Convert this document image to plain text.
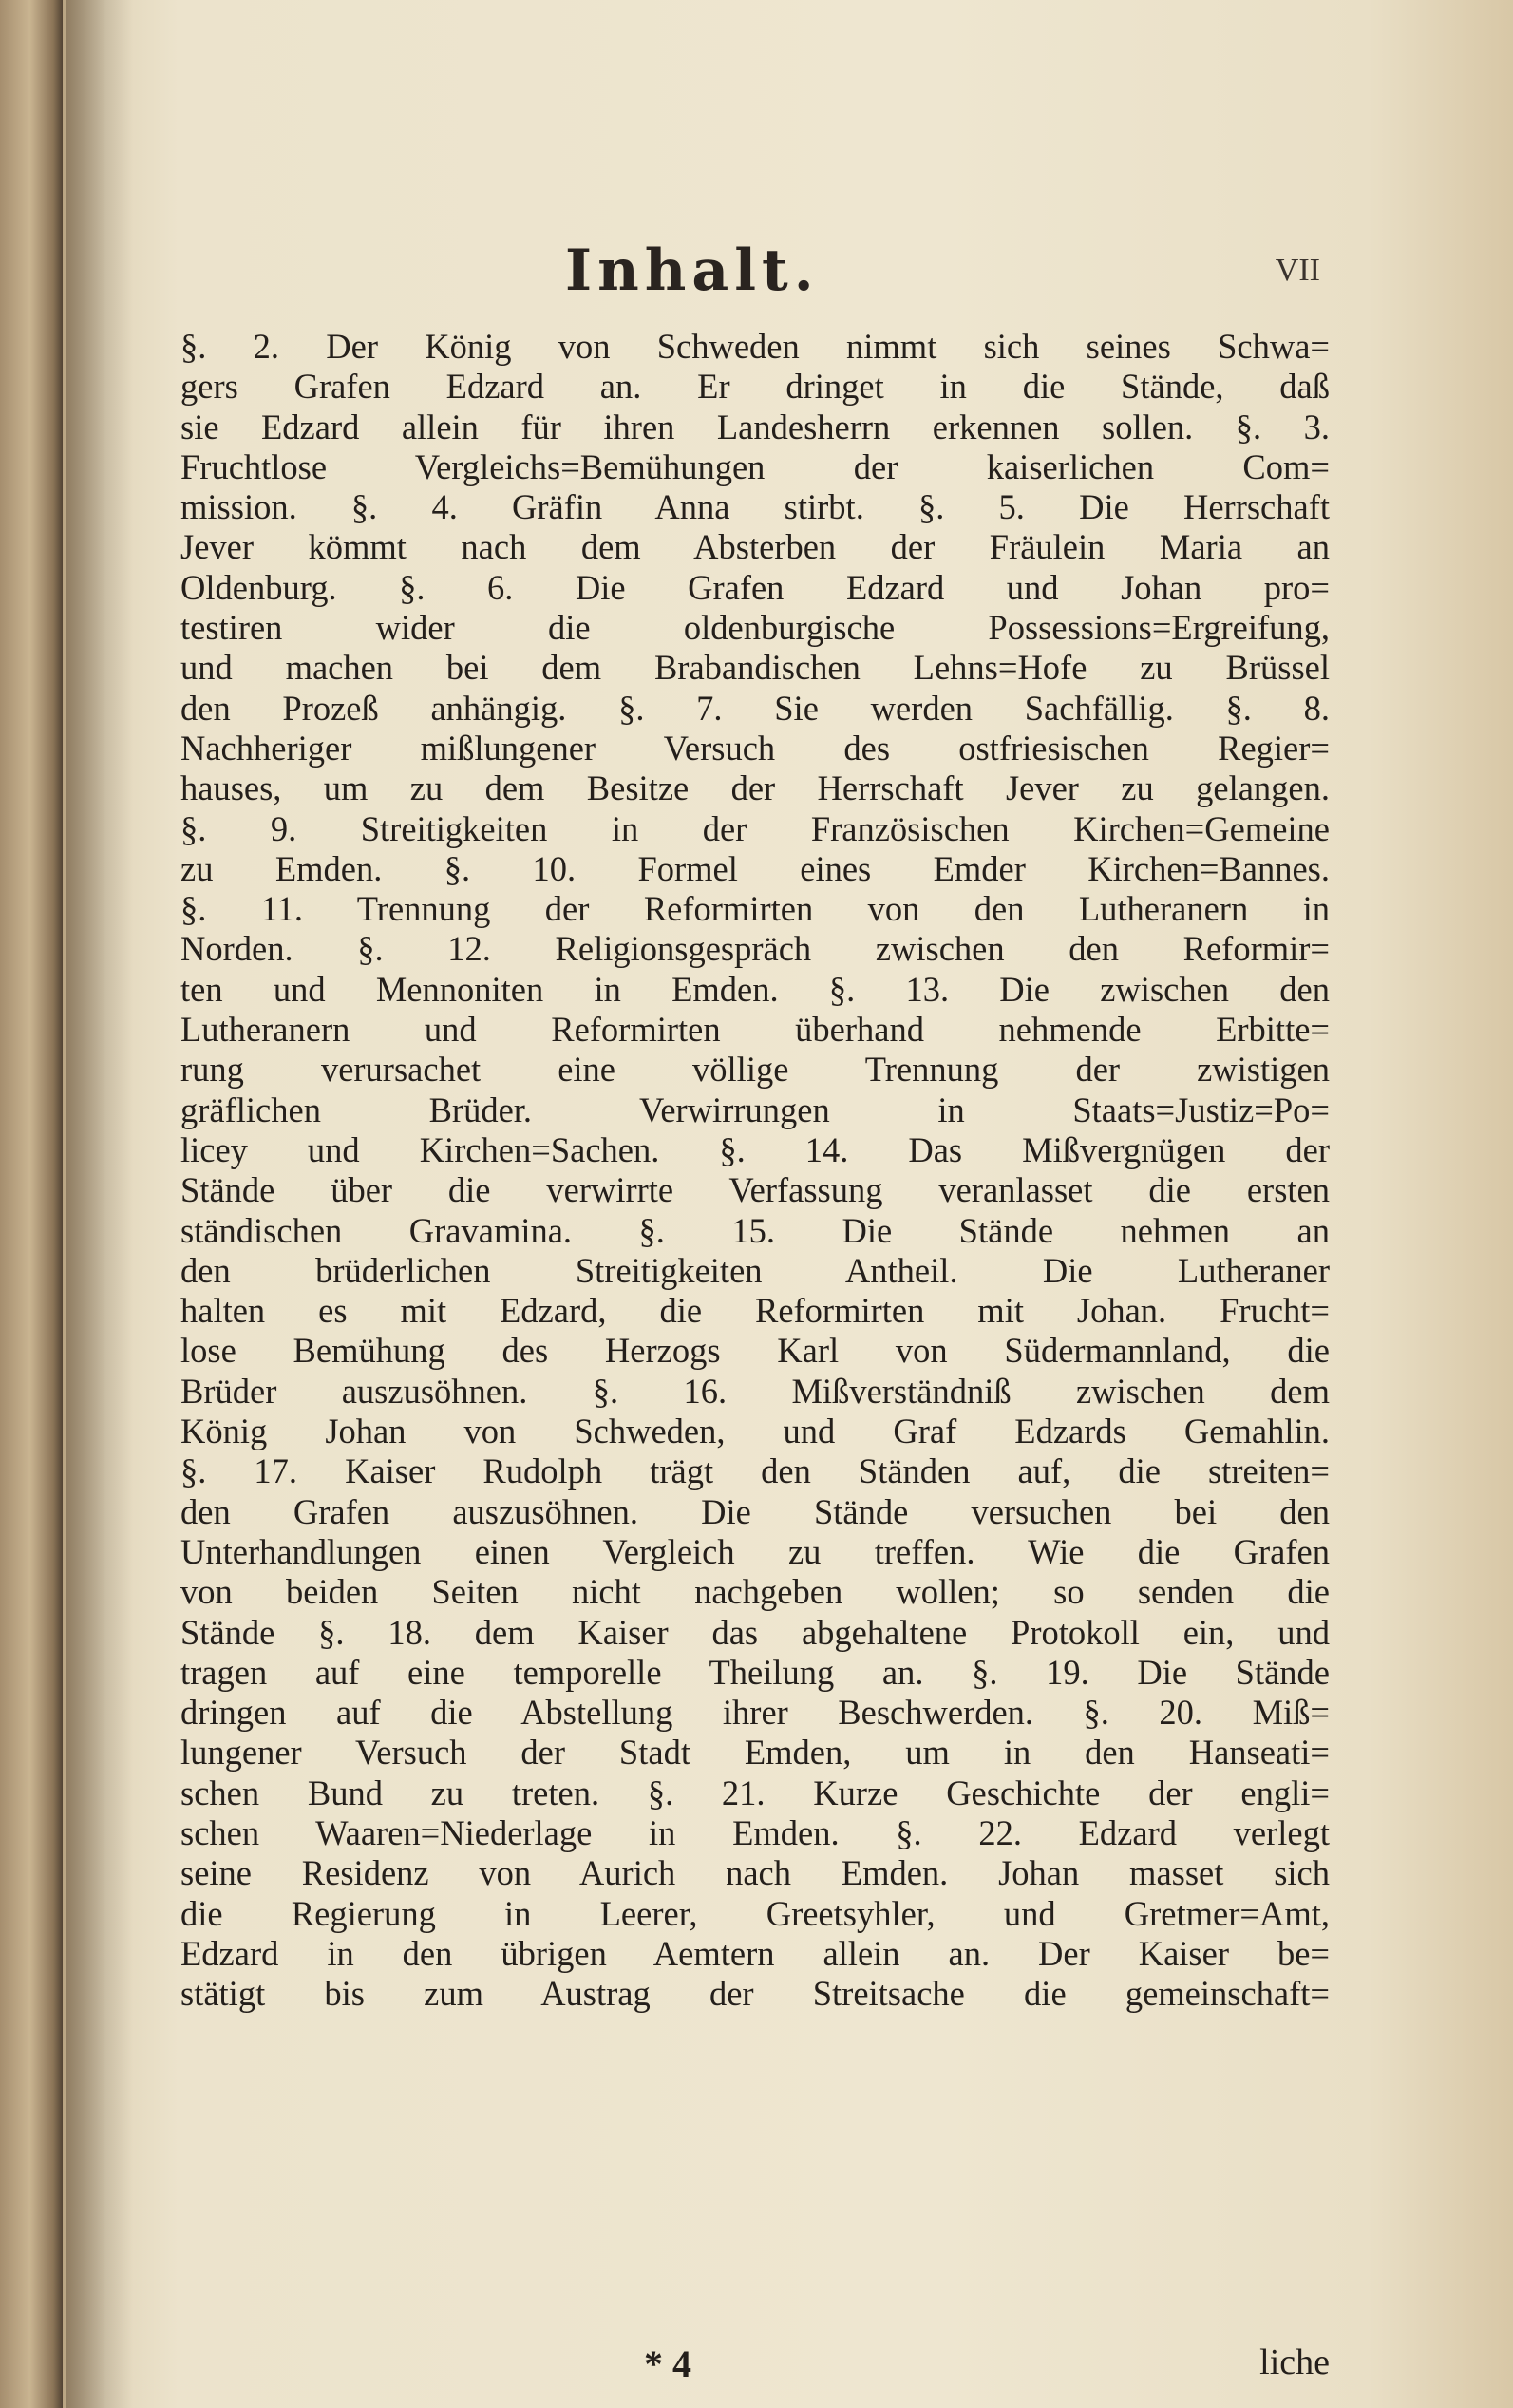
Inhalt.	VII
§. 2. Der König von Schweden nimmt sich seines Schwa=
gers Grafen Edzard an. Er dringet in die Stände, daß
sie Edzard allein für ihren Landesherrn erkennen sollen. §. 3.
Fruchtlose Vergleichs=Bemühungen der kaiserlichen Com=
mission. §. 4. Gräfin Anna stirbt. §. 5. Die Herrschaft
Jever kömmt nach dem Absterben der Fräulein Maria an
Oldenburg. §. 6. Die Grafen Edzard und Johan pro=
testiren wider die oldenburgische Possessions=Ergreifung,
und machen bei dem Brabandischen Lehns=Hofe zu Brüssel
den Prozeß anhängig. §. 7. Sie werden Sachfällig. §. 8.
Nachheriger mißlungener Versuch des ostfriesischen Regier=
hauses, um zu dem Besitze der Herrschaft Jever zu gelangen.
§. 9. Streitigkeiten in der Französischen Kirchen=Gemeine
zu Emden. §. 10. Formel eines Emder Kirchen=Bannes.
§. 11. Trennung der Reformirten von den Lutheranern in
Norden. §. 12. Religionsgespräch zwischen den Reformir=
ten und Mennoniten in Emden. §. 13. Die zwischen den
Lutheranern und Reformirten überhand nehmende Erbitte=
rung verursachet eine völlige Trennung der zwistigen
gräflichen Brüder. Verwirrungen in Staats=Justiz=Po=
licey und Kirchen=Sachen. §. 14. Das Mißvergnügen der
Stände über die verwirrte Verfassung veranlasset die ersten
ständischen Gravamina. §. 15. Die Stände nehmen an
den brüderlichen Streitigkeiten Antheil. Die Lutheraner
halten es mit Edzard, die Reformirten mit Johan. Frucht=
lose Bemühung des Herzogs Karl von Südermannland, die
Brüder auszusöhnen. §. 16. Mißverständniß zwischen dem
König Johan von Schweden, und Graf Edzards Gemahlin.
§. 17. Kaiser Rudolph trägt den Ständen auf, die streiten=
den Grafen auszusöhnen. Die Stände versuchen bei den
Unterhandlungen einen Vergleich zu treffen. Wie die Grafen
von beiden Seiten nicht nachgeben wollen; so senden die
Stände §. 18. dem Kaiser das abgehaltene Protokoll ein, und
tragen auf eine temporelle Theilung an. §. 19. Die Stände
dringen auf die Abstellung ihrer Beschwerden. §. 20. Miß=
lungener Versuch der Stadt Emden, um in den Hanseati=
schen Bund zu treten. §. 21. Kurze Geschichte der engli=
schen Waaren=Niederlage in Emden. §. 22. Edzard verlegt
seine Residenz von Aurich nach Emden. Johan masset sich
die Regierung in Leerer, Greetsyhler, und Gretmer=Amt,
Edzard in den übrigen Aemtern allein an. Der Kaiser be=
stätigt bis zum Austrag der Streitsache die gemeinschaft=
* 4	liche
